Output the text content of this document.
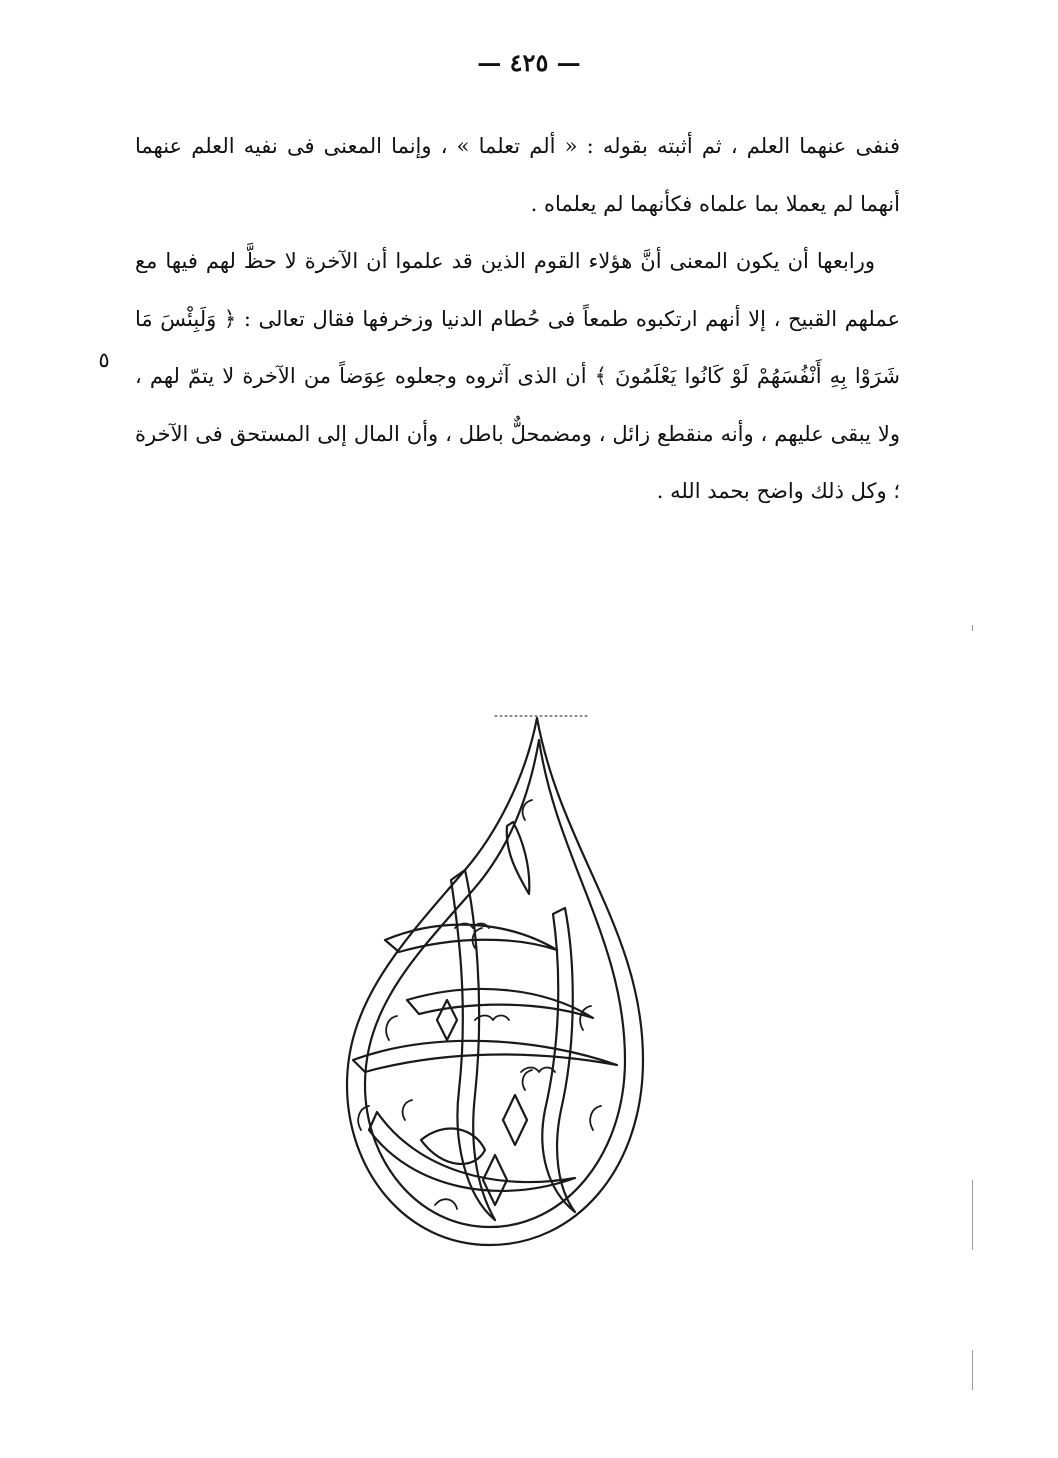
— ٤٢٥ —

فنفى عنهما العلم ، ثم أثبته بقوله : « ألم تعلما » ، وإنما المعنى فى نفيه العلم عنهما أنهما لم يعملا بما علماه فكأنهما لم يعلماه .

ورابعها أن يكون المعنى أنَّ هؤلاء القوم الذين قد علموا أن الآخرة لا حظَّ لهم فيها مع عملهم القبيح ، إلا أنهم ارتكبوه طمعاً فى حُطام الدنيا وزخرفها فقال تعالى : ﴿ وَلَبِئْسَ مَا شَرَوْا بِهِ أَنْفُسَهُمْ لَوْ كَانُوا يَعْلَمُونَ ﴾ أن الذى آثروه وجعلوه عِوَضاً من الآخرة لا يتمّ لهم ، ولا يبقى عليهم ، وأنه منقطع زائل ، ومضمحلٌّ باطل ، وأن المال إلى المستحق فى الآخرة ؛ وكل ذلك واضح بحمد الله .

٥
